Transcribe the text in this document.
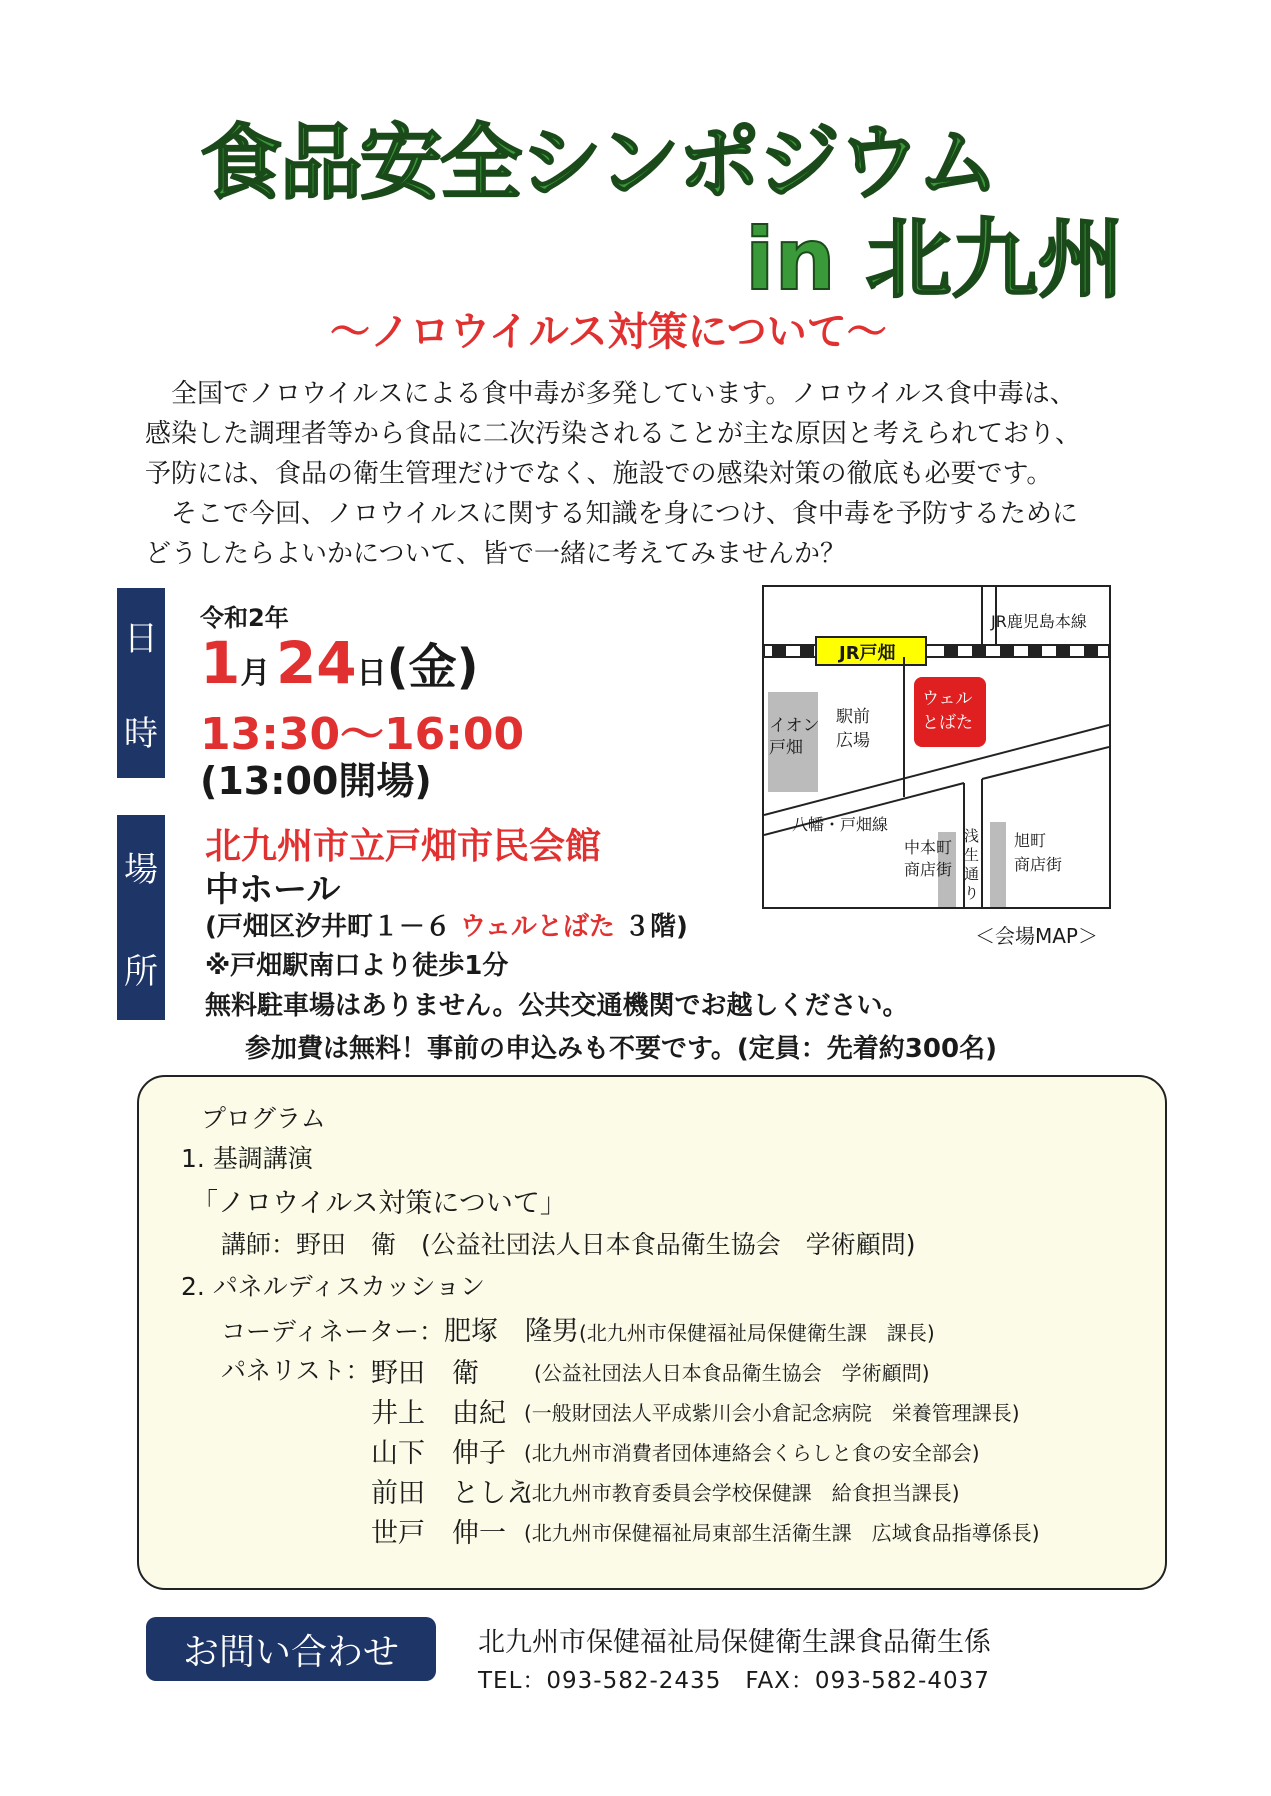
食品安全シンポジウム
in 北九州
～ノロウイルス対策について～

　全国でノロウイルスによる食中毒が多発しています。ノロウイルス食中毒は、

感染した調理者等から食品に二次汚染されることが主な原因と考えられており、

予防には、食品の衛生管理だけでなく、施設での感染対策の徹底も必要です。

　そこで今回、ノロウイルスに関する知識を身につけ、食中毒を予防するために

どうしたらよいかについて、皆で一緒に考えてみませんか？

日
時
令和2年
1月 24日(金)
13:30～16:00
(13:00開場)
場
所
北九州市立戸畑市民会館
中ホール
(戸畑区汐井町１－６ ウェルとばた ３階)
※戸畑駅南口より徒歩1分
無料駐車場はありません。公共交通機関でお越しください。
参加費は無料！事前の申込みも不要です。(定員：先着約300名)
JR鹿児島本線
JR戸畑
イオン
戸畑
駅前
広場
ウェル
とばた
八幡・戸畑線
中本町
商店街
浅
生
通
り
旭町
商店街
＜会場MAP＞
プログラム
1. 基調講演
「ノロウイルス対策について」
講師：野田　衛　(公益社団法人日本食品衛生協会　学術顧問)
2. パネルディスカッション
コーディネーター：肥塚　隆男(北九州市保健福祉局保健衛生課　課長)
パネリスト： 野田　衛	(公益社団法人日本食品衛生協会　学術顧問)
井上　由紀 (一般財団法人平成紫川会小倉記念病院　栄養管理課長)
山下　伸子 (北九州市消費者団体連絡会くらしと食の安全部会)
前田　としえ
(北九州市教育委員会学校保健課　給食担当課長)
世戸　伸一 (北九州市保健福祉局東部生活衛生課　広域食品指導係長)
お問い合わせ	北九州市保健福祉局保健衛生課食品衛生係
TEL：093-582-2435　FAX：093-582-4037
